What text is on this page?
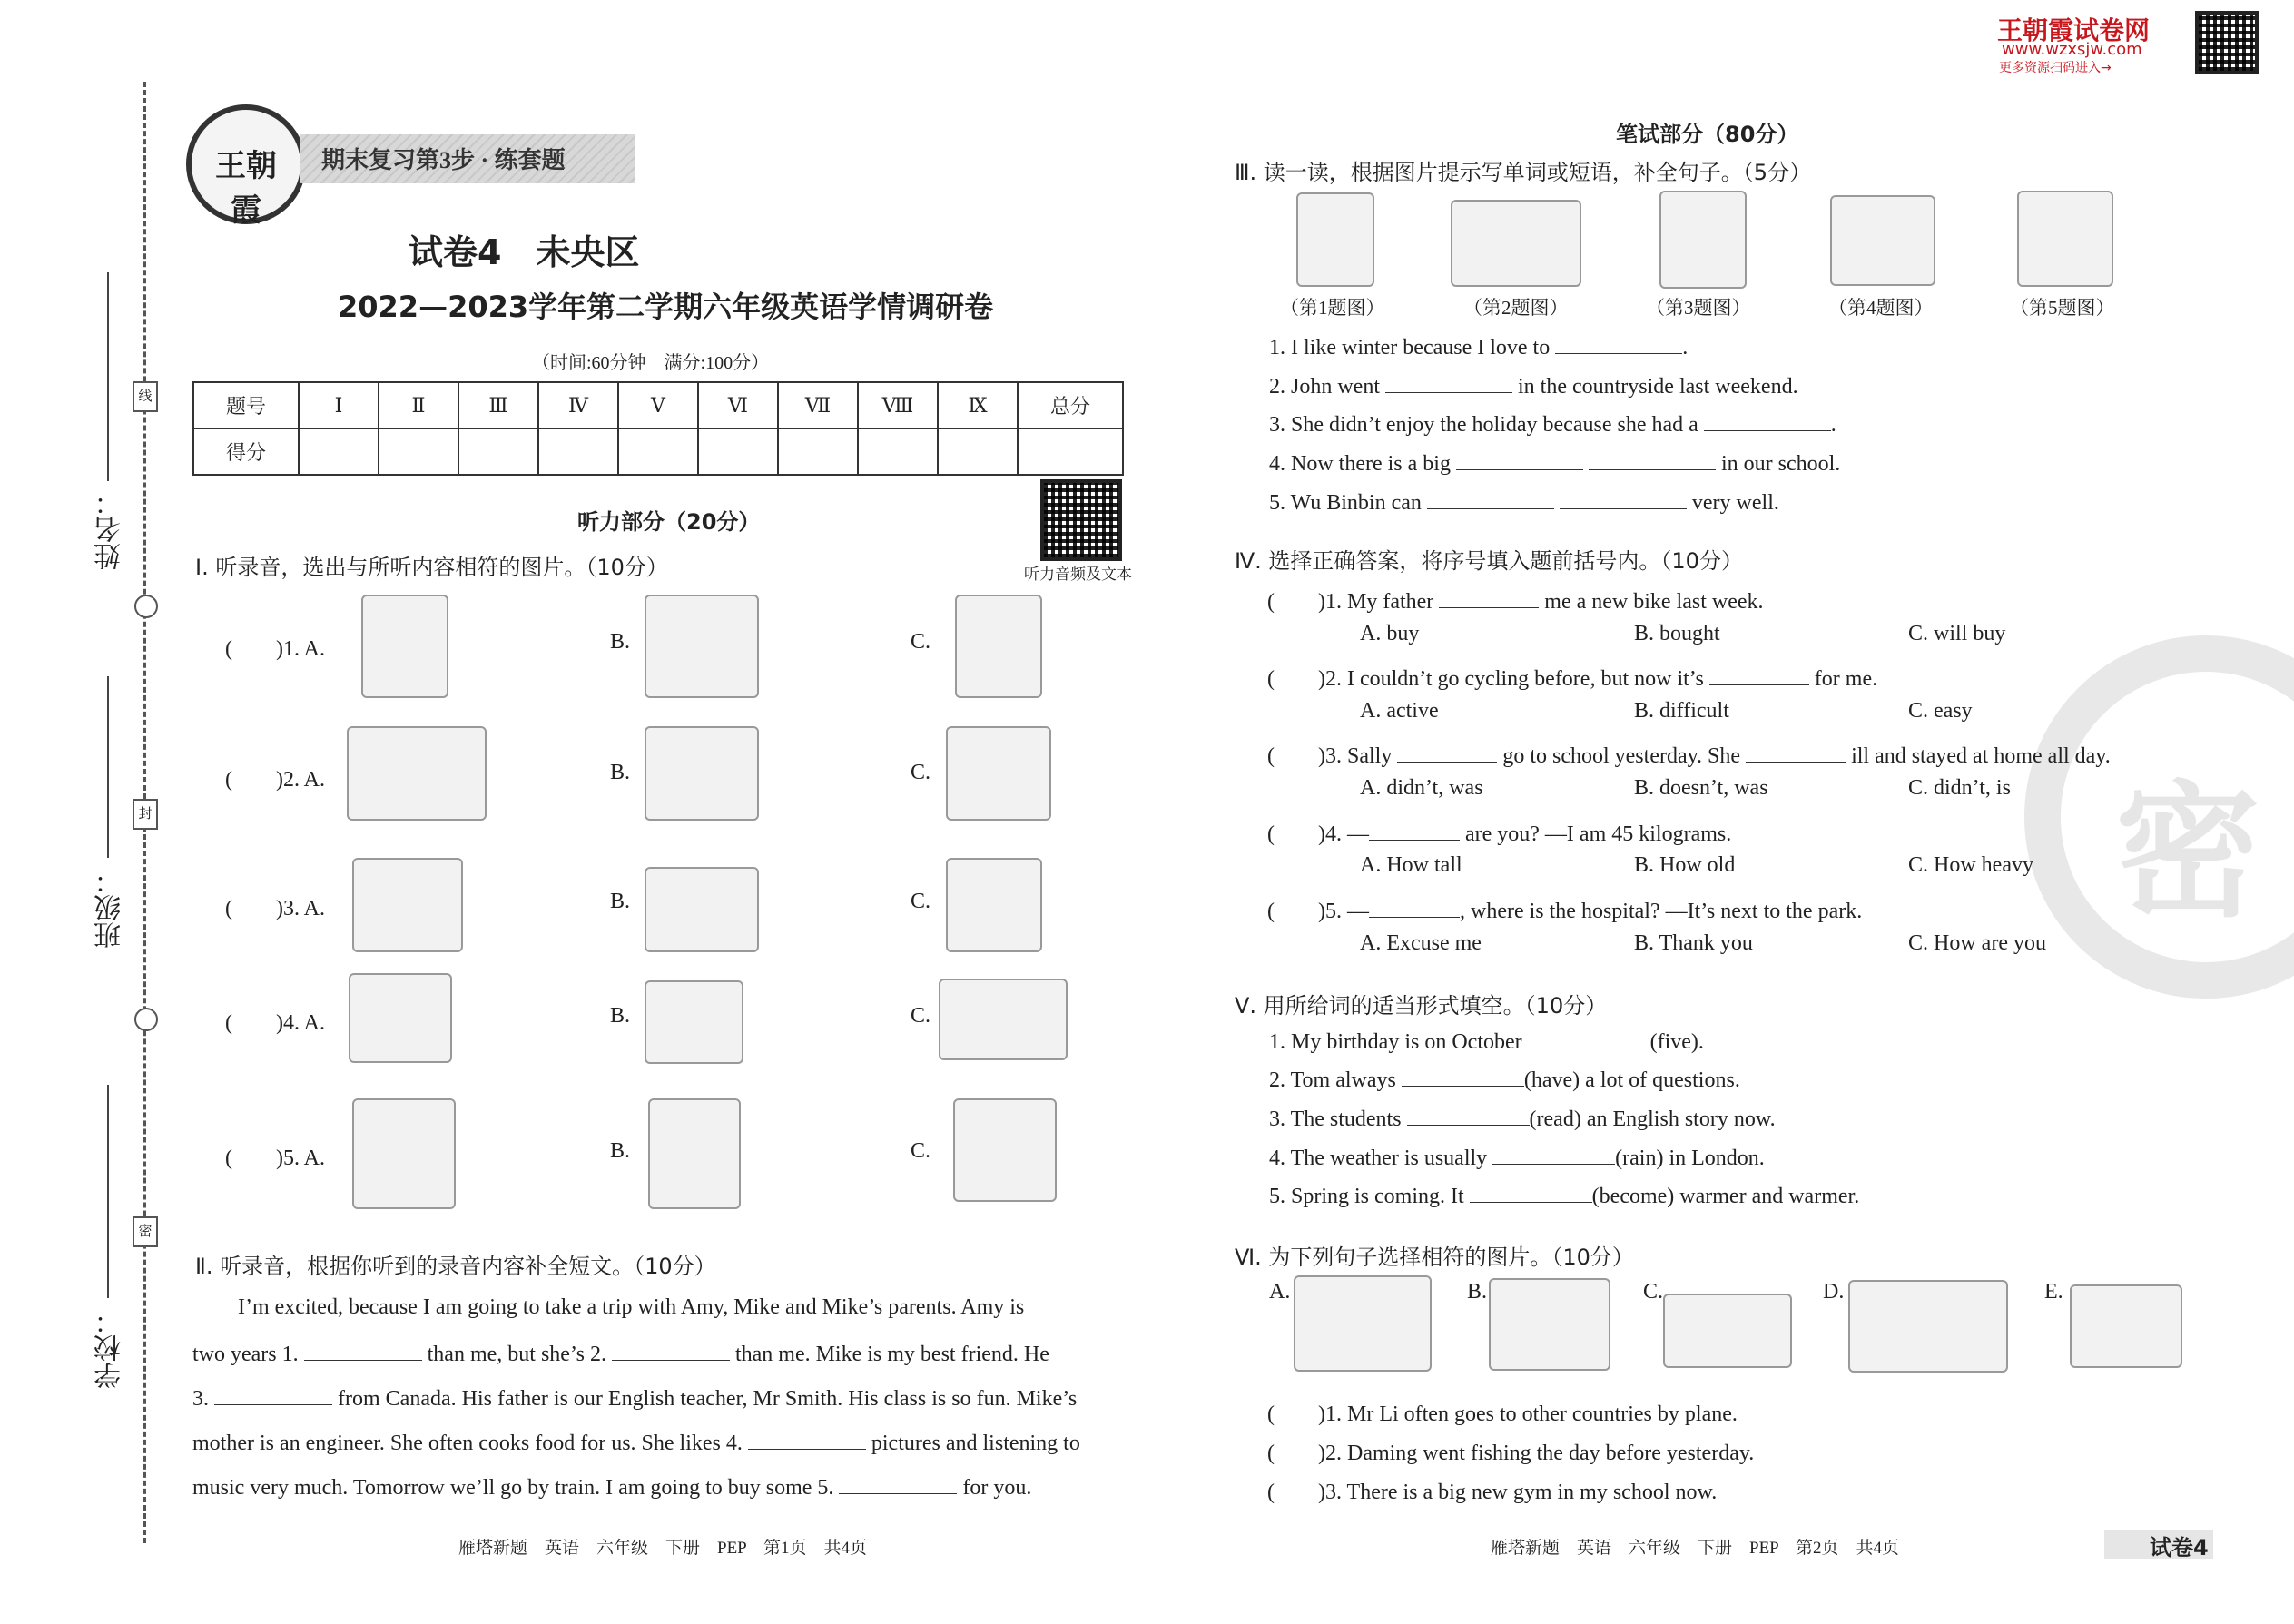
线
封
密
姓名：
班级：
学校：
王朝霞
期末复习第3步 · 练套题
试卷4　未央区
2022—2023学年第二学期六年级英语学情调研卷
（时间:60分钟　满分:100分）
题号	Ⅰ	Ⅱ	Ⅲ	Ⅳ	Ⅴ	Ⅵ	Ⅶ	Ⅷ	Ⅸ	总分
得分										
听力部分（20分）
听力音频及文本
Ⅰ. 听录音，选出与所听内容相符的图片。（10分）
(　　)1. A.	B.	C.
(　　)2. A.	B.	C.
(　　)3. A.	B.	C.
(　　)4. A.	B.	C.
(　　)5. A.	B.	C.
Ⅱ. 听录音，根据你听到的录音内容补全短文。（10分）
I’m excited, because I am going to take a trip with Amy, Mike and Mike’s parents. Amy is
two years 1.	than me, but she’s 2.	than me. Mike is my best friend. He
3.	from Canada. His father is our English teacher, Mr Smith. His class is so fun. Mike’s
mother is an engineer. She often cooks food for us. She likes 4.	pictures and listening to
music very much. Tomorrow we’ll go by train. I am going to buy some 5.	for you.
雁塔新题　英语　六年级　下册　PEP　第1页　共4页
王朝霞试卷网
www.wzxsjw.com
更多资源扫码进入→
密
笔试部分（80分）
Ⅲ. 读一读，根据图片提示写单词或短语，补全句子。（5分）
（第1题图）	（第2题图）	（第3题图）	（第4题图）	（第5题图）
1. I like winter because I love to	.
2. John went	in the countryside last weekend.
3. She didn’t enjoy the holiday because she had a	.
4. Now there is a big	in our school.
5. Wu Binbin can	very well.
Ⅳ. 选择正确答案，将序号填入题前括号内。（10分）
(　　)1. My father	me a new bike last week.
A. buy	B. bought	C. will buy
(　　)2. I couldn’t go cycling before, but now it’s	for me.
A. active	B. difficult	C. easy
(　　)3. Sally	go to school yesterday. She	ill and stayed at home all day.
A. didn’t, was	B. doesn’t, was	C. didn’t, is
(　　)4. —	are you? —I am 45 kilograms.
A. How tall	B. How old	C. How heavy
(　　)5. —	, where is the hospital? —It’s next to the park.
A. Excuse me	B. Thank you	C. How are you
Ⅴ. 用所给词的适当形式填空。（10分）
1. My birthday is on October	(five).
2. Tom always	(have) a lot of questions.
3. The students	(read) an English story now.
4. The weather is usually	(rain) in London.
5. Spring is coming. It	(become) warmer and warmer.
Ⅵ. 为下列句子选择相符的图片。（10分）
A.	B.	C.	D.	E.
(　　)1. Mr Li often goes to other countries by plane.
(　　)2. Daming went fishing the day before yesterday.
(　　)3. There is a big new gym in my school now.
雁塔新题　英语　六年级　下册　PEP　第2页　共4页	试卷4
